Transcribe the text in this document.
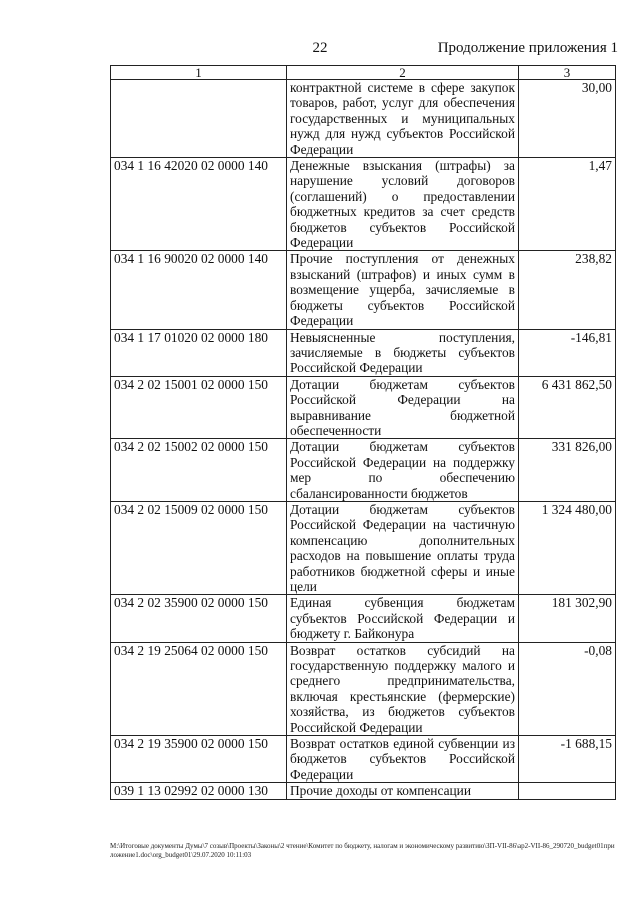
22	Продолжение приложения 1
1	2	3
	контрактной системе в сфере закупок товаров, работ, услуг для обеспечения государственных и муниципальных нужд для нужд субъектов Российской Федерации	30,00
034 1 16 42020 02 0000 140	Денежные взыскания (штрафы) за нарушение условий договоров (соглашений) о предоставлении бюджетных кредитов за счет средств бюджетов субъектов Российской Федерации	1,47
034 1 16 90020 02 0000 140	Прочие поступления от денежных взысканий (штрафов) и иных сумм в возмещение ущерба, зачисляемые в бюджеты субъектов Российской Федерации	238,82
034 1 17 01020 02 0000 180	Невыясненные поступления, зачисляемые в бюджеты субъектов Российской Федерации	-146,81
034 2 02 15001 02 0000 150	Дотации бюджетам субъектов Российской Федерации на выравнивание бюджетной обеспеченности	6 431 862,50
034 2 02 15002 02 0000 150	Дотации бюджетам субъектов Российской Федерации на поддержку мер по обеспечению сбалансированности бюджетов	331 826,00
034 2 02 15009 02 0000 150	Дотации бюджетам субъектов Российской Федерации на частичную компенсацию дополнительных расходов на повышение оплаты труда работников бюджетной сферы и иные цели	1 324 480,00
034 2 02 35900 02 0000 150	Единая субвенция бюджетам субъектов Российской Федерации и бюджету г. Байконура	181 302,90
034 2 19 25064 02 0000 150	Возврат остатков субсидий на государственную поддержку малого и среднего предпринимательства, включая крестьянские (фермерские) хозяйства, из бюджетов субъектов Российской Федерации	-0,08
034 2 19 35900 02 0000 150	Возврат остатков единой субвенции из бюджетов субъектов Российской Федерации	-1 688,15
039 1 13 02992 02 0000 130	Прочие доходы от компенсации	
M:\Итоговые документы Думы\7 созыв\Проекты\Законы\2 чтение\Комитет по бюджету, налогам и экономическому развитию\ЗП-VII-86\ap2-VII-86_290720_budget01приложение1.doc\org_budget01\29.07.2020 10:11:03
